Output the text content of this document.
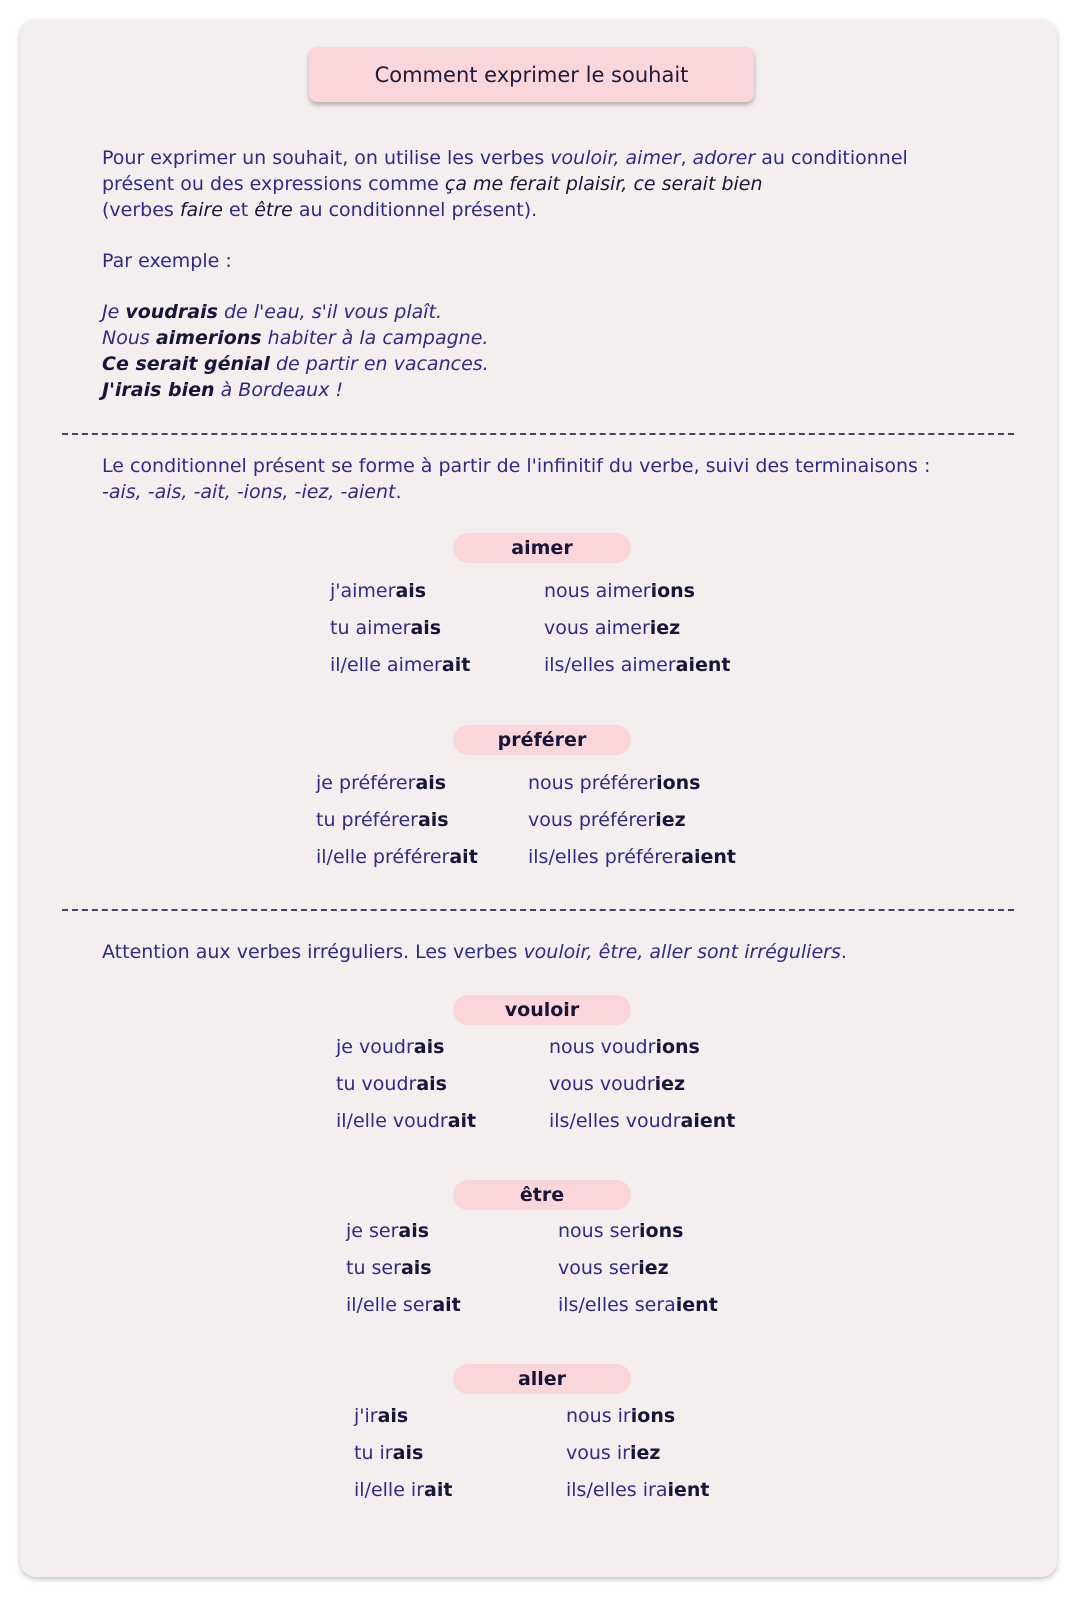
Comment exprimer le souhait
Pour exprimer un souhait, on utilise les verbes vouloir, aimer, adorer au conditionnel
présent ou des expressions comme ça me ferait plaisir, ce serait bien
(verbes faire et être au conditionnel présent).
Par exemple :
Je voudrais de l'eau, s'il vous plaît.
Nous aimerions habiter à la campagne.
Ce serait génial de partir en vacances.
J'irais bien à Bordeaux !
Le conditionnel présent se forme à partir de l'infinitif du verbe, suivi des terminaisons :
-ais, -ais, -ait, -ions, -iez, -aient.
Attention aux verbes irréguliers. Les verbes vouloir, être, aller sont irréguliers.
aimer
j'aimerais
tu aimerais
il/elle aimerait
nous aimerions
vous aimeriez
ils/elles aimeraient
préférer
je préférerais
tu préférerais
il/elle préférerait
nous préférerions
vous préféreriez
ils/elles préféreraient
vouloir
je voudrais
tu voudrais
il/elle voudrait
nous voudrions
vous voudriez
ils/elles voudraient
être
je serais
tu serais
il/elle serait
nous serions
vous seriez
ils/elles seraient
aller
j'irais
tu irais
il/elle irait
nous irions
vous iriez
ils/elles iraient
